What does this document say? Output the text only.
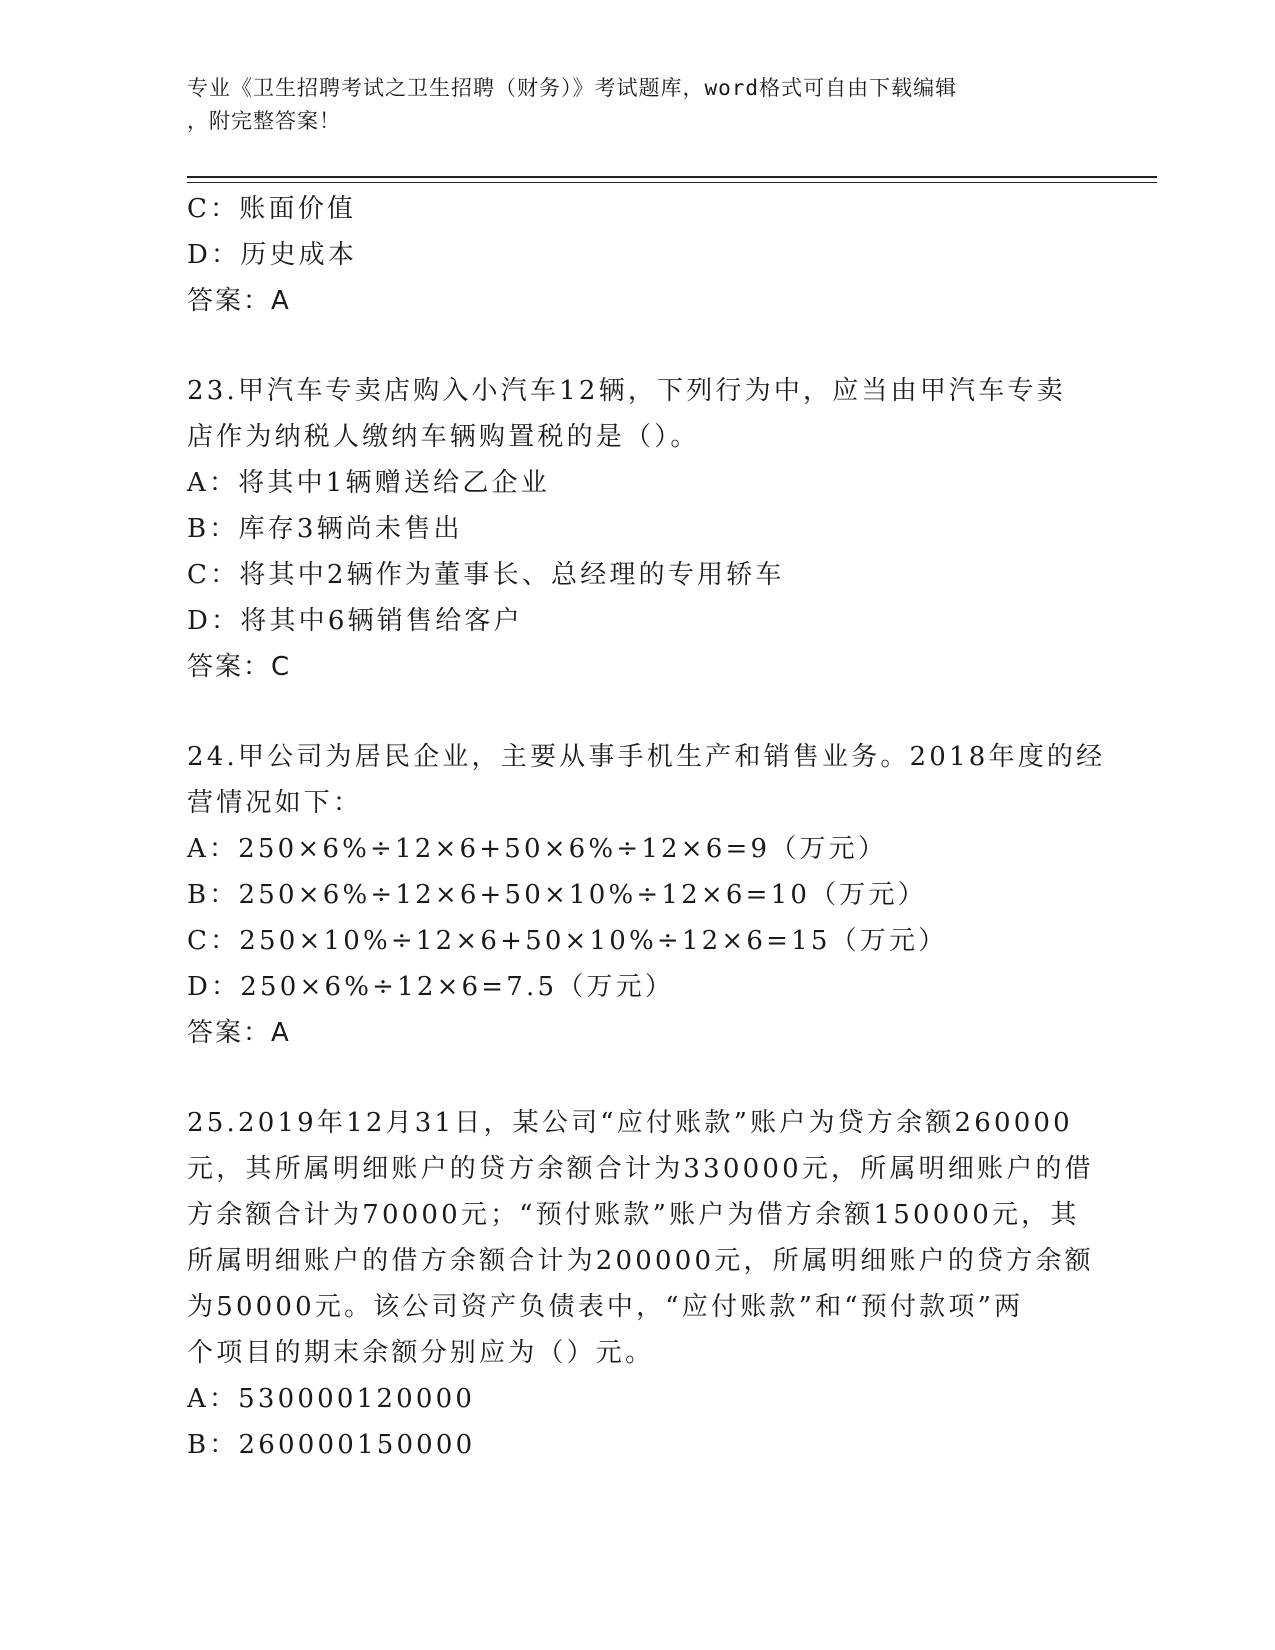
专业《卫生招聘考试之卫生招聘（财务）》考试题库，word格式可自由下载编辑
，附完整答案！
C：账面价值
D：历史成本
答案：A
23.甲汽车专卖店购入小汽车12辆，下列行为中，应当由甲汽车专卖
店作为纳税人缴纳车辆购置税的是（）。
A：将其中1辆赠送给乙企业
B：库存3辆尚未售出
C：将其中2辆作为董事长、总经理的专用轿车
D：将其中6辆销售给客户
答案：C
24.甲公司为居民企业，主要从事手机生产和销售业务。2018年度的经
营情况如下：
A：250×6%÷12×6+50×6%÷12×6=9（万元）
B：250×6%÷12×6+50×10%÷12×6=10（万元）
C：250×10%÷12×6+50×10%÷12×6=15（万元）
D：250×6%÷12×6=7.5（万元）
答案：A
25.2019年12月31日，某公司“应付账款”账户为贷方余额260000
元，其所属明细账户的贷方余额合计为330000元，所属明细账户的借
方余额合计为70000元；“预付账款”账户为借方余额150000元，其
所属明细账户的借方余额合计为200000元，所属明细账户的贷方余额
为50000元。该公司资产负债表中，“应付账款”和“预付款项”两
个项目的期末余额分别应为（）元。
A：530000120000
B：260000150000
